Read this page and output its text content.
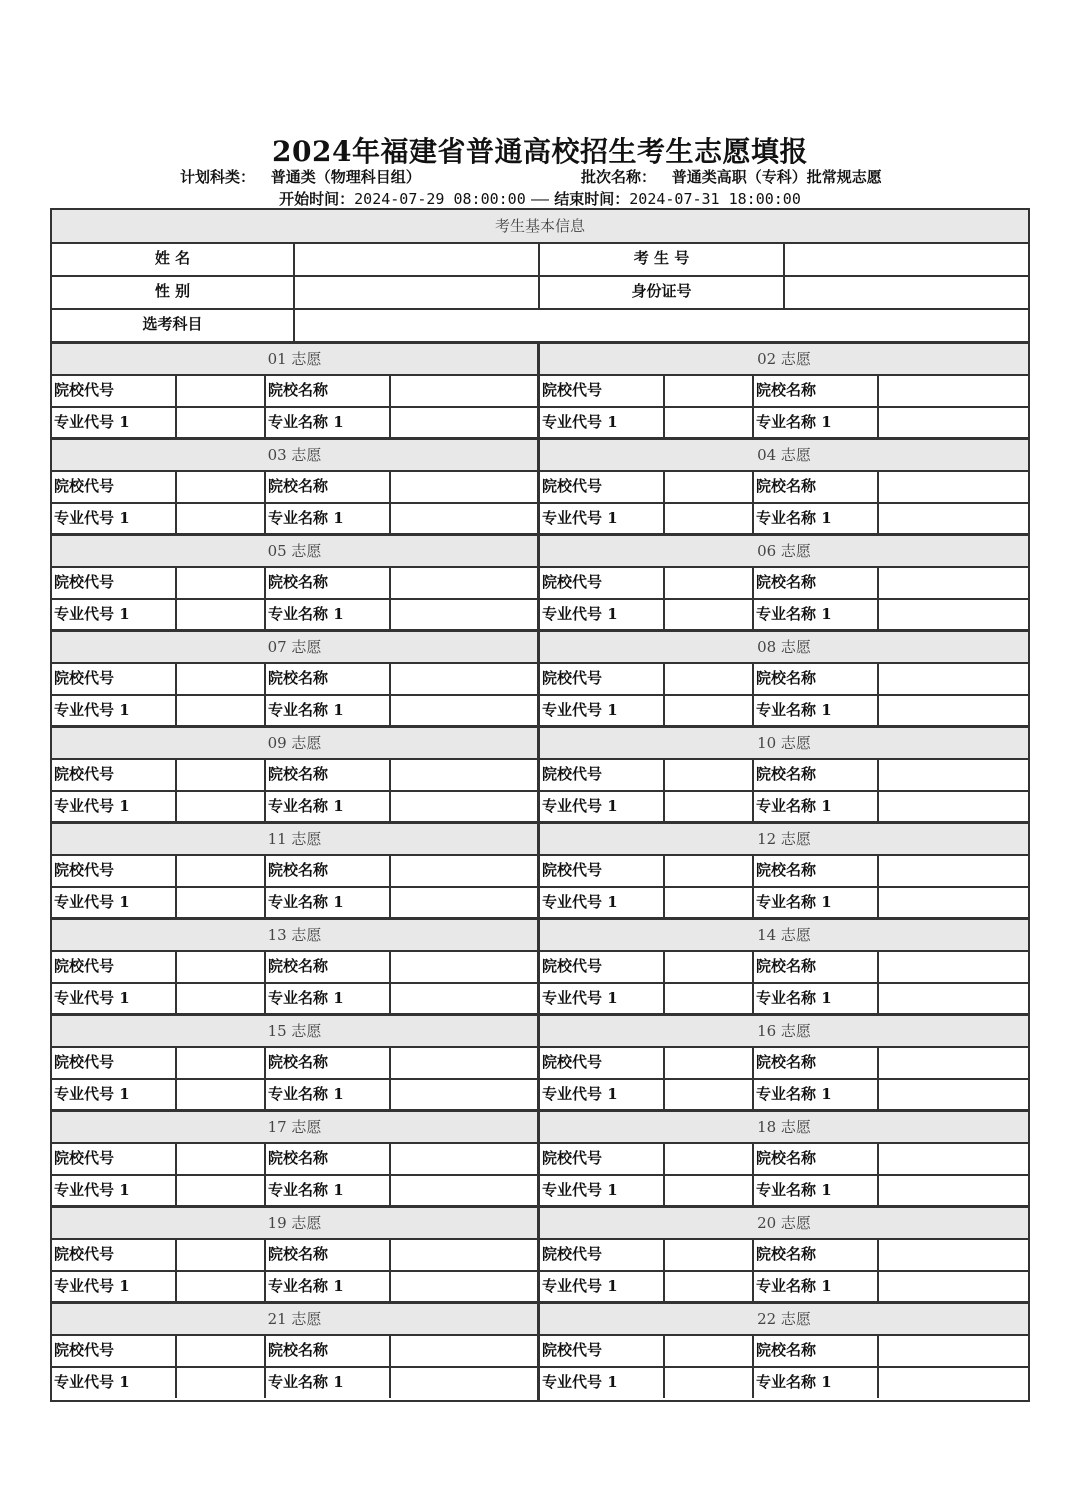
2024年福建省普通高校招生考生志愿填报
计划科类： 普通类（物理科目组）	批次名称： 普通类高职（专科）批常规志愿
开始时间：2024-07-29 08:00:00 —— 结束时间：2024-07-31 18:00:00
考生基本信息
姓 名	考 生 号
性 别	身份证号
选考科目
01 志愿
院校代号	院校名称
专业代号 1	专业名称 1
02 志愿
院校代号	院校名称
专业代号 1	专业名称 1
03 志愿
院校代号	院校名称
专业代号 1	专业名称 1
04 志愿
院校代号	院校名称
专业代号 1	专业名称 1
05 志愿
院校代号	院校名称
专业代号 1	专业名称 1
06 志愿
院校代号	院校名称
专业代号 1	专业名称 1
07 志愿
院校代号	院校名称
专业代号 1	专业名称 1
08 志愿
院校代号	院校名称
专业代号 1	专业名称 1
09 志愿
院校代号	院校名称
专业代号 1	专业名称 1
10 志愿
院校代号	院校名称
专业代号 1	专业名称 1
11 志愿
院校代号	院校名称
专业代号 1	专业名称 1
12 志愿
院校代号	院校名称
专业代号 1	专业名称 1
13 志愿
院校代号	院校名称
专业代号 1	专业名称 1
14 志愿
院校代号	院校名称
专业代号 1	专业名称 1
15 志愿
院校代号	院校名称
专业代号 1	专业名称 1
16 志愿
院校代号	院校名称
专业代号 1	专业名称 1
17 志愿
院校代号	院校名称
专业代号 1	专业名称 1
18 志愿
院校代号	院校名称
专业代号 1	专业名称 1
19 志愿
院校代号	院校名称
专业代号 1	专业名称 1
20 志愿
院校代号	院校名称
专业代号 1	专业名称 1
21 志愿
院校代号	院校名称
专业代号 1	专业名称 1
22 志愿
院校代号	院校名称
专业代号 1	专业名称 1
